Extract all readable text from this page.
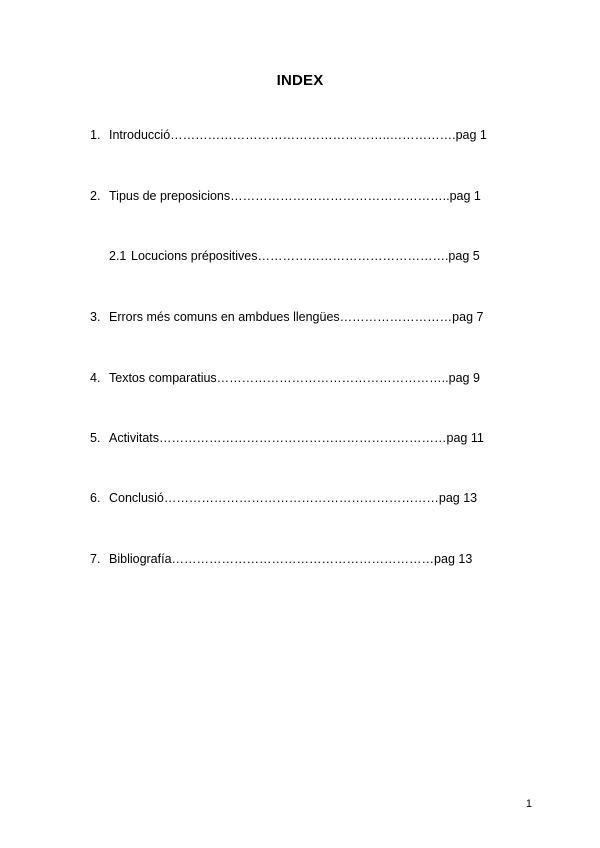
INDEX
1. Introducció……………………………………………..…………….pag 1
2. Tipus de preposicions……………………………………………..pag 1
2.1 Locucions prépositives……………………………………….pag 5
3. Errors més comuns en ambdues llengües………………………pag 7
4. Textos comparatius………………………………………………..pag 9
5. Activitats……………………………………………………………pag 11
6. Conclusió…………………………………………………………pag 13
7. Bibliografía………………………………………………………pag 13
1
